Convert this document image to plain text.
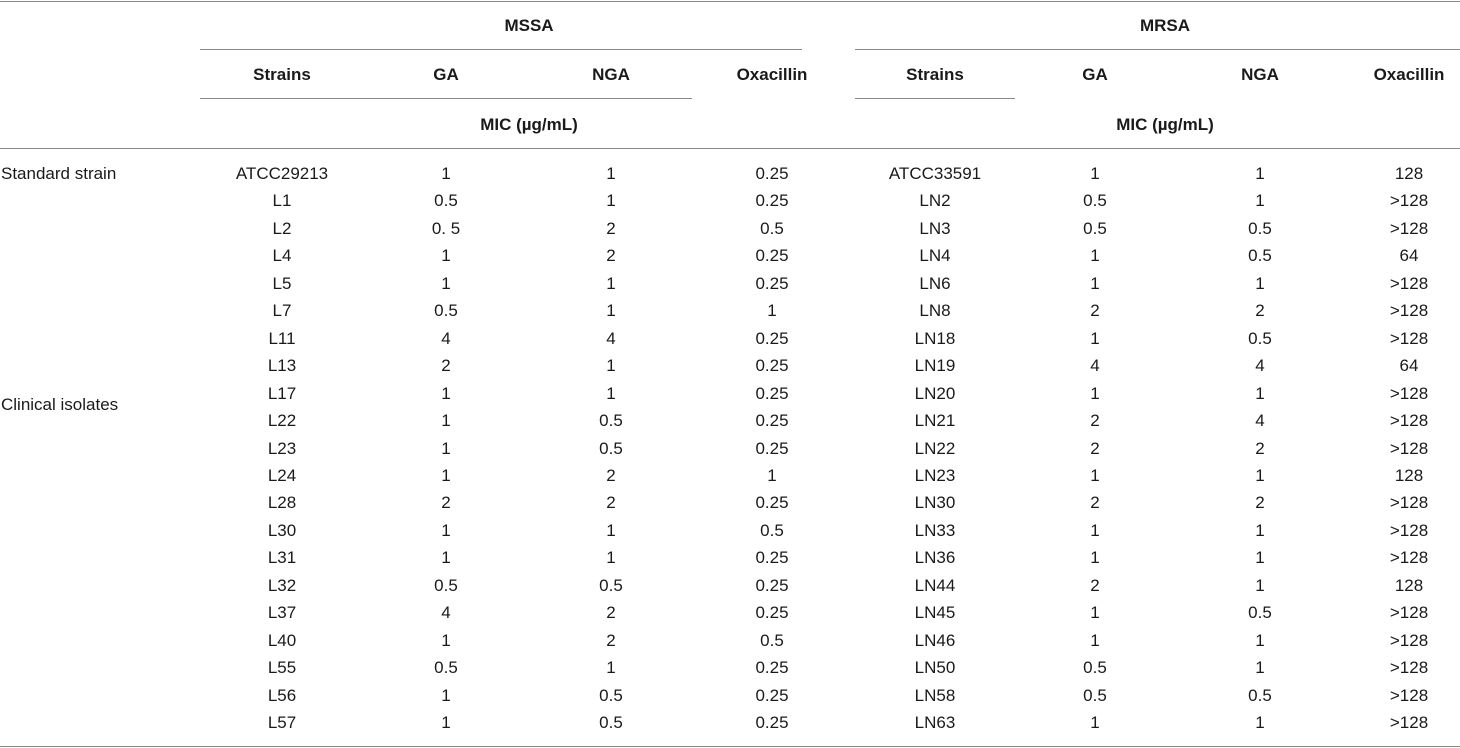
MSSA	MRSA
Strains	GA	NGA	Oxacillin	Strains	GA	NGA	Oxacillin
MIC (µg/mL)	MIC (µg/mL)
Standard strain
Clinical isolates
ATCC29213	1	1	0.25	ATCC33591	1	1	128
L1	0.5	1	0.25	LN2	0.5	1	>128
L2	0. 5	2	0.5	LN3	0.5	0.5	>128
L4	1	2	0.25	LN4	1	0.5	64
L5	1	1	0.25	LN6	1	1	>128
L7	0.5	1	1	LN8	2	2	>128
L11	4	4	0.25	LN18	1	0.5	>128
L13	2	1	0.25	LN19	4	4	64
L17	1	1	0.25	LN20	1	1	>128
L22	1	0.5	0.25	LN21	2	4	>128
L23	1	0.5	0.25	LN22	2	2	>128
L24	1	2	1	LN23	1	1	128
L28	2	2	0.25	LN30	2	2	>128
L30	1	1	0.5	LN33	1	1	>128
L31	1	1	0.25	LN36	1	1	>128
L32	0.5	0.5	0.25	LN44	2	1	128
L37	4	2	0.25	LN45	1	0.5	>128
L40	1	2	0.5	LN46	1	1	>128
L55	0.5	1	0.25	LN50	0.5	1	>128
L56	1	0.5	0.25	LN58	0.5	0.5	>128
L57	1	0.5	0.25	LN63	1	1	>128
